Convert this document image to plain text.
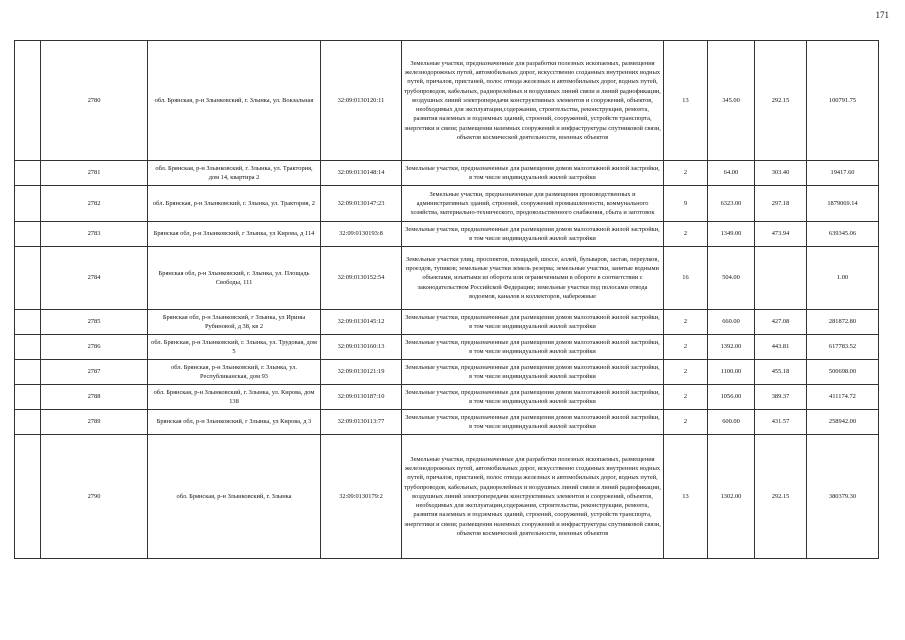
171
	2780	обл. Брянская, р-н Злынковский, г. Злынка, ул. Вокзальная	32:09:0130120:11	Земельные участки, предназначенные для разработки полезных ископаемых, размещения железнодорожных путей, автомобильных дорог, искусственно созданных внутренних водных путей, причалов, пристаней, полос отвода железных и автомобильных дорог, водных путей, трубопроводов, кабельных, радиорелейных и воздушных линий связи и линий радиофикации, воздушных линий электропередачи конструктивных элементов и сооружений, объектов, необходимых для эксплуатации,содержания, строительства, реконструкции, ремонта, развития наземных и подземных зданий, строений, сооружений, устройств транспорта, энергетики и связи; размещения наземных сооружений и инфраструктуры спутниковой связи, объектов космической деятельности, военных объектов	13	345.00	292.15	100791.75
	2781	обл. Брянская, р-н Злынковский, г. Злынка, ул. Трактория, дом 14, квартира 2	32:09:0130148:14	Земельные участки, предназначенные для размещения домов малоэтажной жилой застройки, в том числе индивидуальной жилой застройки	2	64.00	303.40	19417.60
	2782	обл. Брянская, р-н Злынковский, г. Злынка, ул. Трактория, 2	32:09:0130147:23	Земельные участки, предназначенные для размещения производственных и административных зданий, строений, сооружений промышленности, коммунального хозяйства, материально-технического, продовольственного снабжения, сбыта и заготовок	9	6323.00	297.18	1879069.14
	2783	Брянская обл, р-н Злынковский, г Злынка, ул Кирова, д 114	32:09:0130193:8	Земельные участки, предназначенные для размещения домов малоэтажной жилой застройки, в том числе индивидуальной жилой застройки	2	1349.00	473.94	639345.06
	2784	Брянская обл, р-н Злынковский, г. Злынка, ул. Площадь Свободы, 111	32:09:0130152:54	Земельные участки улиц, проспектов, площадей, шоссе, аллей, бульваров, застав, переулков, проездов, тупиков; земельные участки земель резерва; земельные участки, занятые водными объектами, изъятыми из оборота или ограниченными в обороте в соответствии с законодательством Российской Федерации; земельные участки под полосами отвода водоемов, каналов и коллекторов, набережные	16	504.00		1.00
	2785	Брянская обл, р-н Злынковский, г Злынка, ул Ирины Рубиновой, д 38, кв 2	32:09:0130145:12	Земельные участки, предназначенные для размещения домов малоэтажной жилой застройки, в том числе индивидуальной жилой застройки	2	660.00	427.08	281872.80
	2786	обл. Брянская, р-н Злынковский, г. Злынка, ул. Трудовая, дом 5	32:09:0130160:13	Земельные участки, предназначенные для размещения домов малоэтажной жилой застройки, в том числе индивидуальной жилой застройки	2	1392.00	443.81	617783.52
	2787	обл. Брянская, р-н Злынковский, г. Злынка, ул. Республиканская, дом 93	32:09:0130121:19	Земельные участки, предназначенные для размещения домов малоэтажной жилой застройки, в том числе индивидуальной жилой застройки	2	1100.00	455.18	500698.00
	2788	обл. Брянская, р-н Злынковский, г. Злынка, ул. Кирова, дом 138	32:09:0130187:10	Земельные участки, предназначенные для размещения домов малоэтажной жилой застройки, в том числе индивидуальной жилой застройки	2	1056.00	389.37	411174.72
	2789	Брянская обл, р-н Злынковский, г Злынка, ул Кирова, д 3	32:09:0130113:77	Земельные участки, предназначенные для размещения домов малоэтажной жилой застройки, в том числе индивидуальной жилой застройки	2	600.00	431.57	258942.00
	2790	обл. Брянская, р-н Злынковский, г. Злынка	32:09:0130179:2	Земельные участки, предназначенные для разработки полезных ископаемых, размещения железнодорожных путей, автомобильных дорог, искусственно созданных внутренних водных путей, причалов, пристаней, полос отвода железных и автомобильных дорог, водных путей, трубопроводов, кабельных, радиорелейных и воздушных линий связи и линий радиофикации, воздушных линий электропередачи конструктивных элементов и сооружений, объектов, необходимых для эксплуатации,содержания, строительства, реконструкции, ремонта, развития наземных и подземных зданий, строений, сооружений, устройств транспорта, энергетики и связи; размещения наземных сооружений и инфраструктуры спутниковой связи, объектов космической деятельности, военных объектов	13	1302.00	292.15	380379.30
